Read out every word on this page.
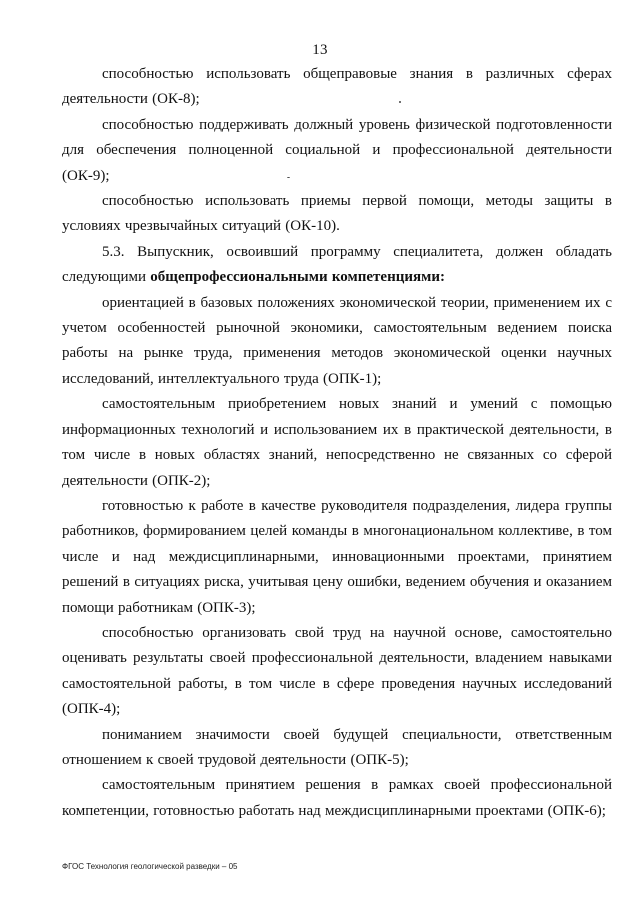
13

способностью использовать общеправовые знания в различных сферах деятельности (ОК-8);

способностью поддерживать должный уровень физической подготовленности для обеспечения полноценной социальной и профессиональной деятельности (ОК-9);

способностью использовать приемы первой помощи, методы защиты в условиях чрезвычайных ситуаций (ОК-10).

5.3. Выпускник, освоивший программу специалитета, должен обладать следующими общепрофессиональными компетенциями:

ориентацией в базовых положениях экономической теории, применением их с учетом особенностей рыночной экономики, самостоятельным ведением поиска работы на рынке труда, применения методов экономической оценки научных исследований, интеллектуального труда (ОПК-1);

самостоятельным приобретением новых знаний и умений с помощью информационных технологий и использованием их в практической деятельности, в том числе в новых областях знаний, непосредственно не связанных со сферой деятельности (ОПК-2);

готовностью к работе в качестве руководителя подразделения, лидера группы работников, формированием целей команды в многонациональном коллективе, в том числе и над междисциплинарными, инновационными проектами, принятием решений в ситуациях риска, учитывая цену ошибки, ведением обучения и оказанием помощи работникам (ОПК-3);

способностью организовать свой труд на научной основе, самостоятельно оценивать результаты своей профессиональной деятельности, владением навыками самостоятельной работы, в том числе в сфере проведения научных исследований (ОПК-4);

пониманием значимости своей будущей специальности, ответственным отношением к своей трудовой деятельности (ОПК-5);

самостоятельным принятием решения в рамках своей профессиональной компетенции, готовностью работать над междисциплинарными проектами (ОПК-6);

ФГОС Технология геологической разведки – 05
